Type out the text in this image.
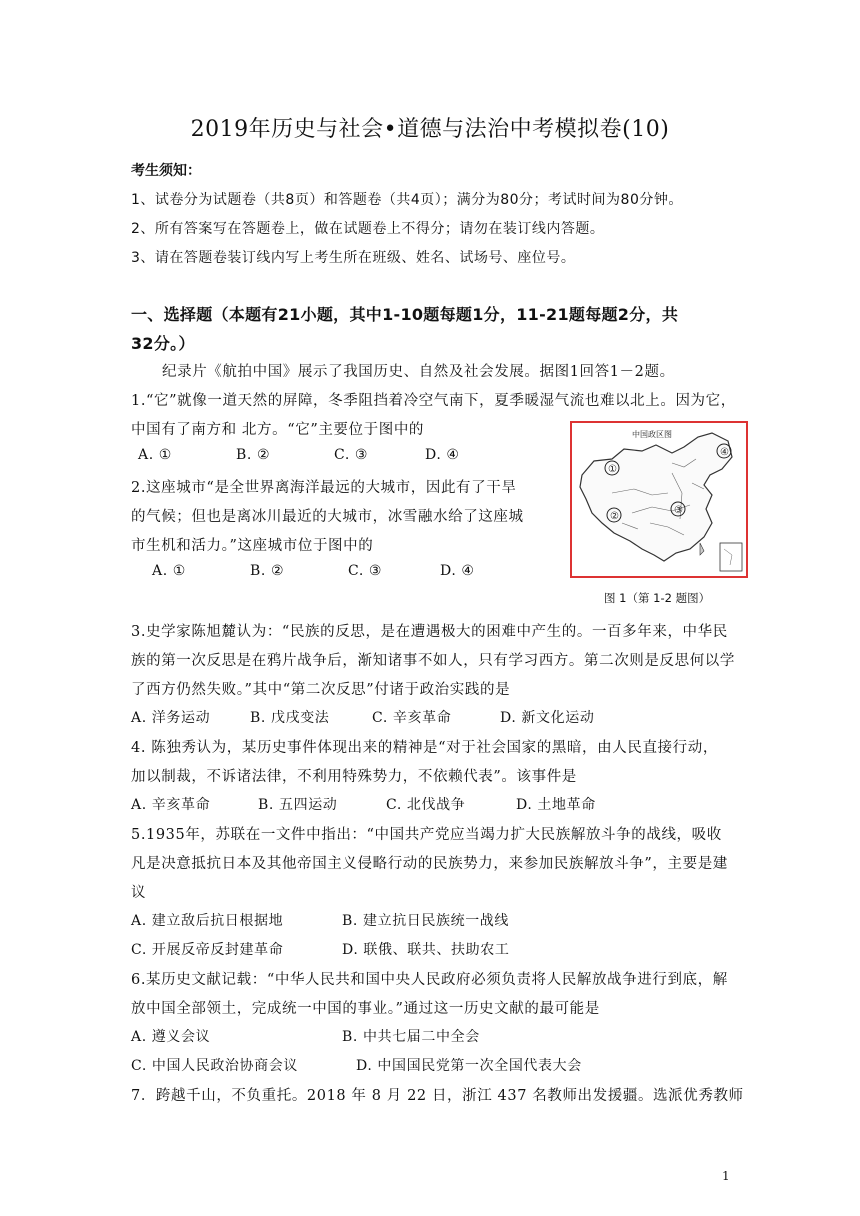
2019年历史与社会•道德与法治中考模拟卷(10)
考生须知：
1、试卷分为试题卷（共8页）和答题卷（共4页）；满分为80分；考试时间为80分钟。
2、所有答案写在答题卷上，做在试题卷上不得分；请勿在装订线内答题。
3、请在答题卷装订线内写上考生所在班级、姓名、试场号、座位号。
一、选择题（本题有21小题，其中1-10题每题1分，11-21题每题2分，共
32分。）
纪录片《航拍中国》展示了我国历史、自然及社会发展。据图1回答1－2题。
1.“它”就像一道天然的屏障，冬季阻挡着冷空气南下，夏季暖湿气流也难以北上。因为它，
中国有了南方和 北方。“它”主要位于图中的
A. ①	B. ②	C. ③	D. ④
2.这座城市“是全世界离海洋最远的大城市，因此有了干旱
的气候；但也是离冰川最近的大城市，冰雪融水给了这座城
市生机和活力。”这座城市位于图中的
A. ①	B. ②	C. ③	D. ④
中国政区图
①
②
③
④
图 1（第 1-2 题图）
3.史学家陈旭麓认为：“民族的反思，是在遭遇极大的困难中产生的。一百多年来，中华民
族的第一次反思是在鸦片战争后，渐知诸事不如人，只有学习西方。第二次则是反思何以学
了西方仍然失败。”其中“第二次反思”付诸于政治实践的是
A. 洋务运动	B. 戊戌变法	C. 辛亥革命	D. 新文化运动
4. 陈独秀认为，某历史事件体现出来的精神是“对于社会国家的黑暗，由人民直接行动，
加以制裁，不诉诸法律，不利用特殊势力，不依赖代表”。该事件是
A. 辛亥革命	B. 五四运动	C. 北伐战争	D. 土地革命
5.1935年，苏联在一文件中指出：“中国共产党应当竭力扩大民族解放斗争的战线，吸收
凡是决意抵抗日本及其他帝国主义侵略行动的民族势力，来参加民族解放斗争”，主要是建
议
A. 建立敌后抗日根据地	B. 建立抗日民族统一战线
C. 开展反帝反封建革命	D. 联俄、联共、扶助农工
6.某历史文献记载：“中华人民共和国中央人民政府必须负责将人民解放战争进行到底，解
放中国全部领土，完成统一中国的事业。”通过这一历史文献的最可能是
A. 遵义会议	B. 中共七届二中全会
C. 中国人民政治协商会议	D. 中国国民党第一次全国代表大会
7．跨越千山，不负重托。2018 年 8 月 22 日，浙江 437 名教师出发援疆。选派优秀教师
1
